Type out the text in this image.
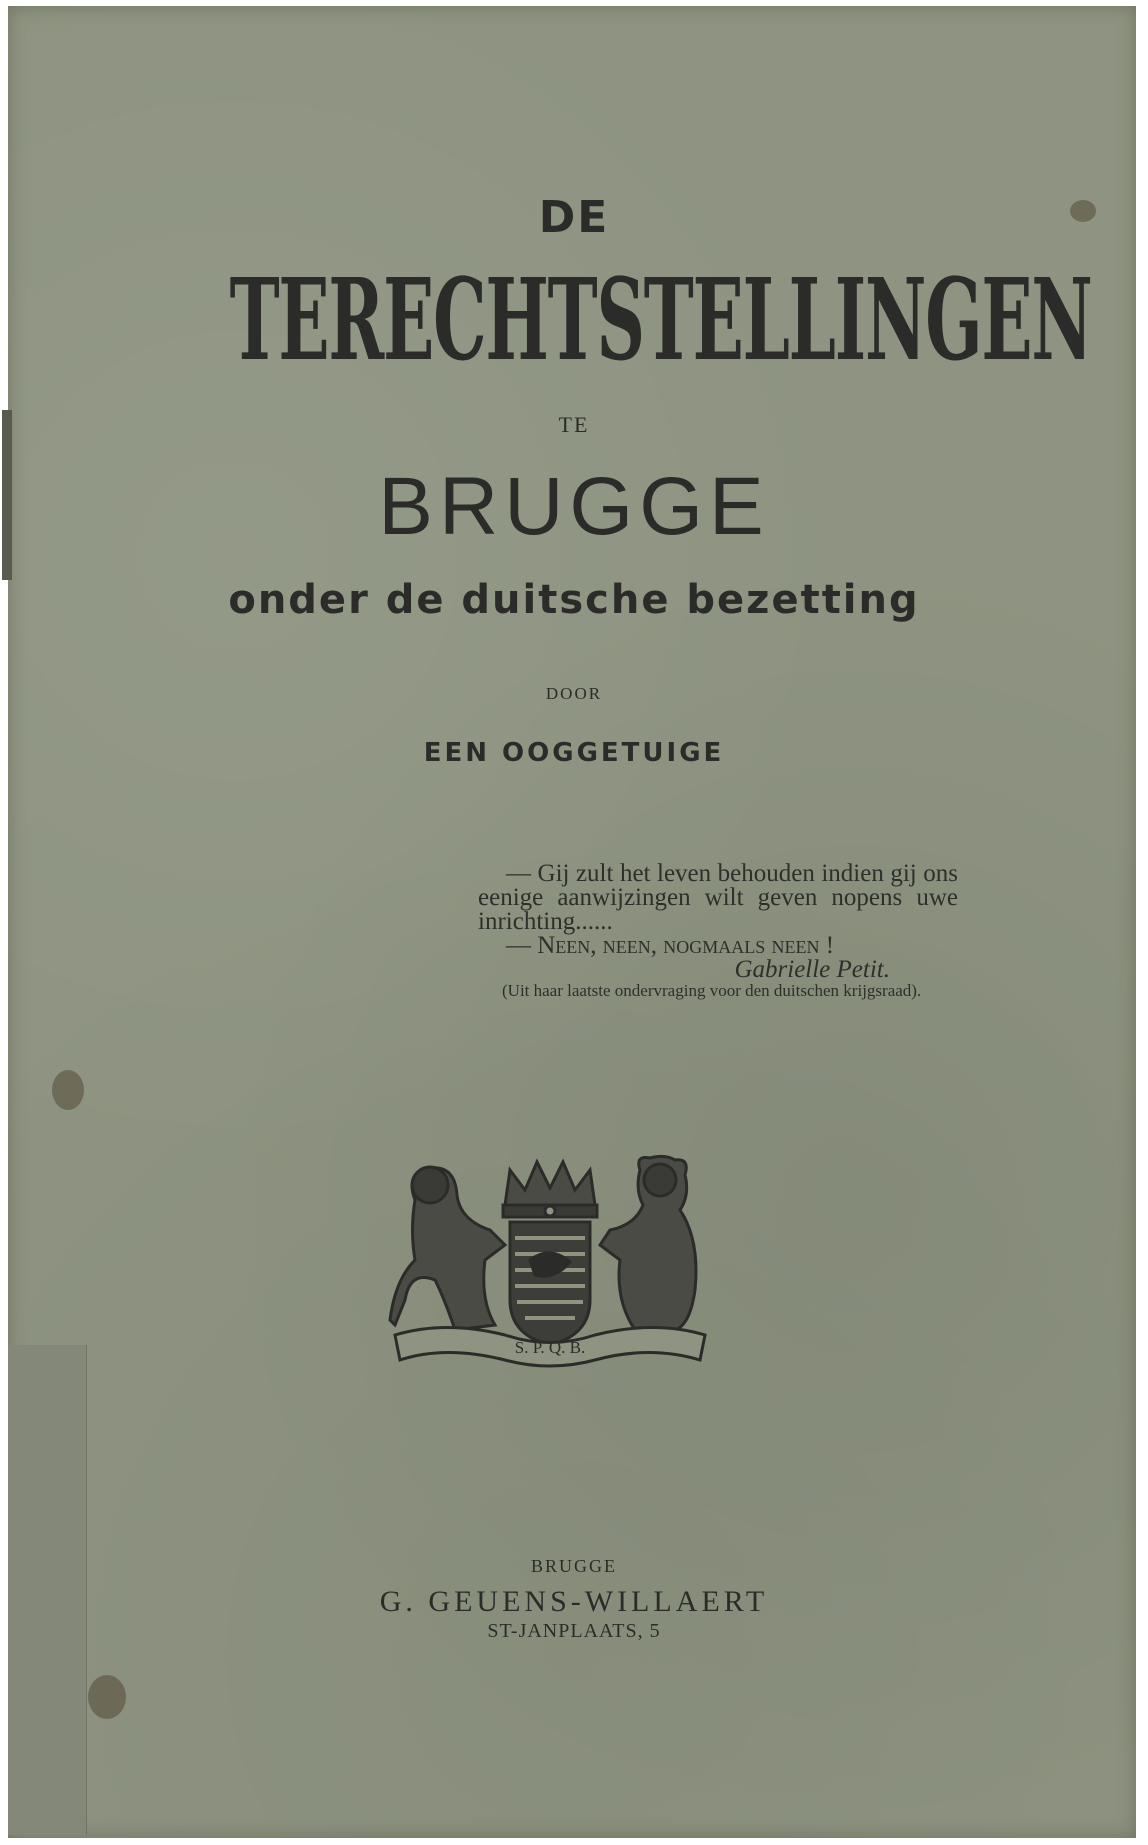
DE
TERECHTSTELLINGEN
TE
BRUGGE
onder de duitsche bezetting
DOOR
EEN OOGGETUIGE

— Gij zult het leven behouden indien gij ons eenige aanwijzingen wilt geven nopens uwe inrichting......

— Neen, neen, nogmaals neen !

Gabrielle Petit.

(Uit haar laatste ondervraging voor den duitschen krijgsraad).

S. P. Q. B.
BRUGGE
G. GEUENS-WILLAERT
ST-JANPLAATS, 5
